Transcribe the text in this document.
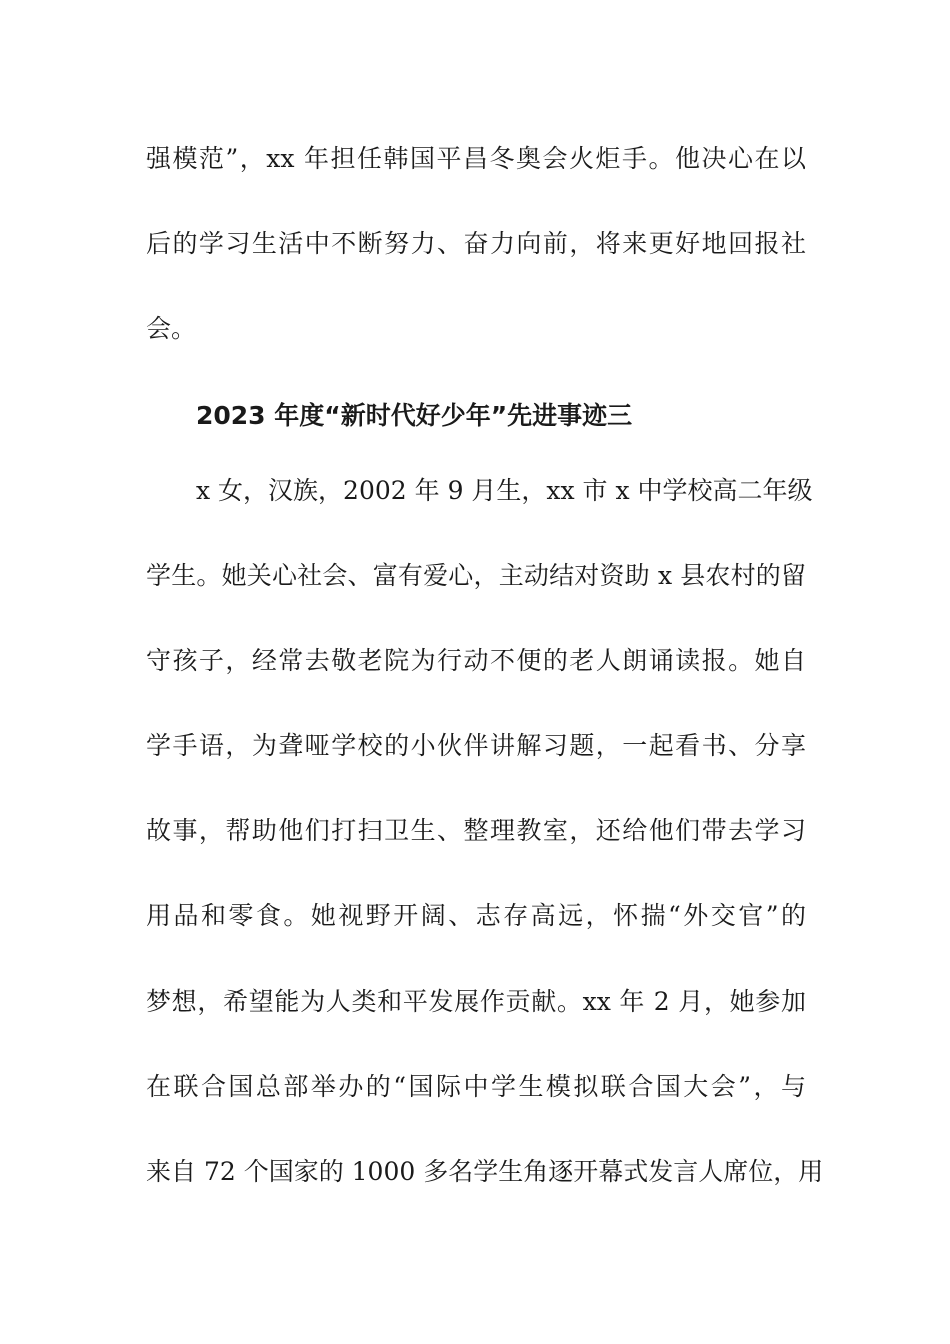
强模范”，xx 年担任韩国平昌冬奥会火炬手。他决心在以
后的学习生活中不断努力、奋力向前，将来更好地回报社
会。
2023 年度“新时代好少年”先进事迹三
x 女，汉族，2002 年 9 月生，xx 市 x 中学校高二年级
学生。她关心社会、富有爱心，主动结对资助 x 县农村的留
守孩子，经常去敬老院为行动不便的老人朗诵读报。她自
学手语，为聋哑学校的小伙伴讲解习题，一起看书、分享
故事，帮助他们打扫卫生、整理教室，还给他们带去学习
用品和零食。她视野开阔、志存高远，怀揣“外交官”的
梦想，希望能为人类和平发展作贡献。xx 年 2 月，她参加
在联合国总部举办的“国际中学生模拟联合国大会”，与
来自 72 个国家的 1000 多名学生角逐开幕式发言人席位，用
